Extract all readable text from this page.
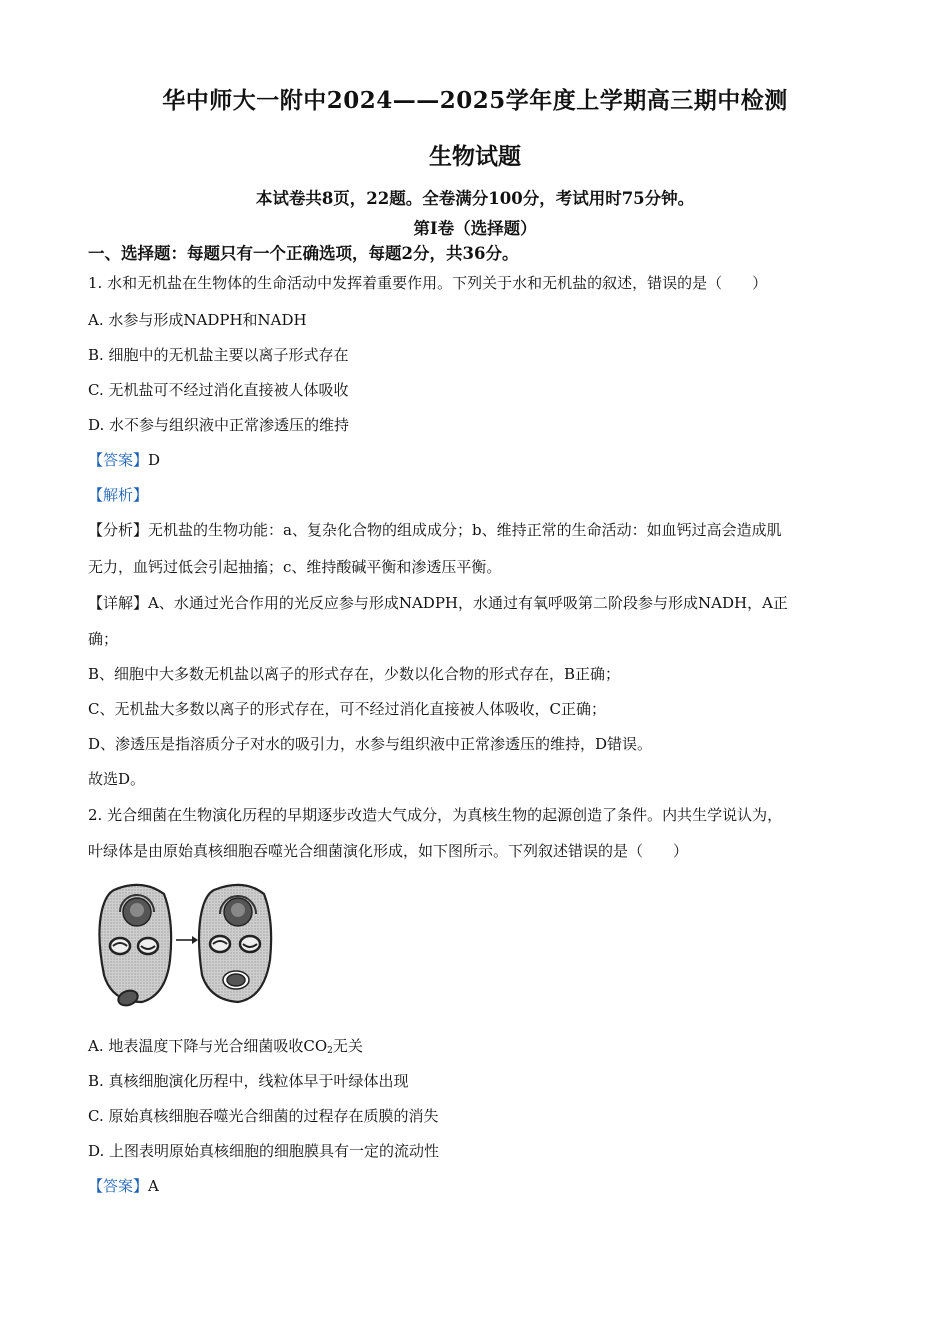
华中师大一附中2024——2025学年度上学期高三期中检测
生物试题
本试卷共8页，22题。全卷满分100分，考试用时75分钟。
第Ⅰ卷（选择题）
一、选择题：每题只有一个正确选项，每题2分，共36分。
1. 水和无机盐在生物体的生命活动中发挥着重要作用。下列关于水和无机盐的叙述，错误的是（　　）
A. 水参与形成NADPH和NADH
B. 细胞中的无机盐主要以离子形式存在
C. 无机盐可不经过消化直接被人体吸收
D. 水不参与组织液中正常渗透压的维持
【答案】D
【解析】
【分析】无机盐的生物功能：a、复杂化合物的组成成分；b、维持正常的生命活动：如血钙过高会造成肌
无力，血钙过低会引起抽搐；c、维持酸碱平衡和渗透压平衡。
【详解】A、水通过光合作用的光反应参与形成NADPH，水通过有氧呼吸第二阶段参与形成NADH，A正
确；
B、细胞中大多数无机盐以离子的形式存在，少数以化合物的形式存在，B正确；
C、无机盐大多数以离子的形式存在，可不经过消化直接被人体吸收，C正确；
D、渗透压是指溶质分子对水的吸引力，水参与组织液中正常渗透压的维持，D错误。
故选D。
2. 光合细菌在生物演化历程的早期逐步改造大气成分，为真核生物的起源创造了条件。内共生学说认为，
叶绿体是由原始真核细胞吞噬光合细菌演化形成，如下图所示。下列叙述错误的是（　　）
A. 地表温度下降与光合细菌吸收$CO_2$无关
B. 真核细胞演化历程中，线粒体早于叶绿体出现
C. 原始真核细胞吞噬光合细菌的过程存在质膜的消失
D. 上图表明原始真核细胞的细胞膜具有一定的流动性
【答案】A
